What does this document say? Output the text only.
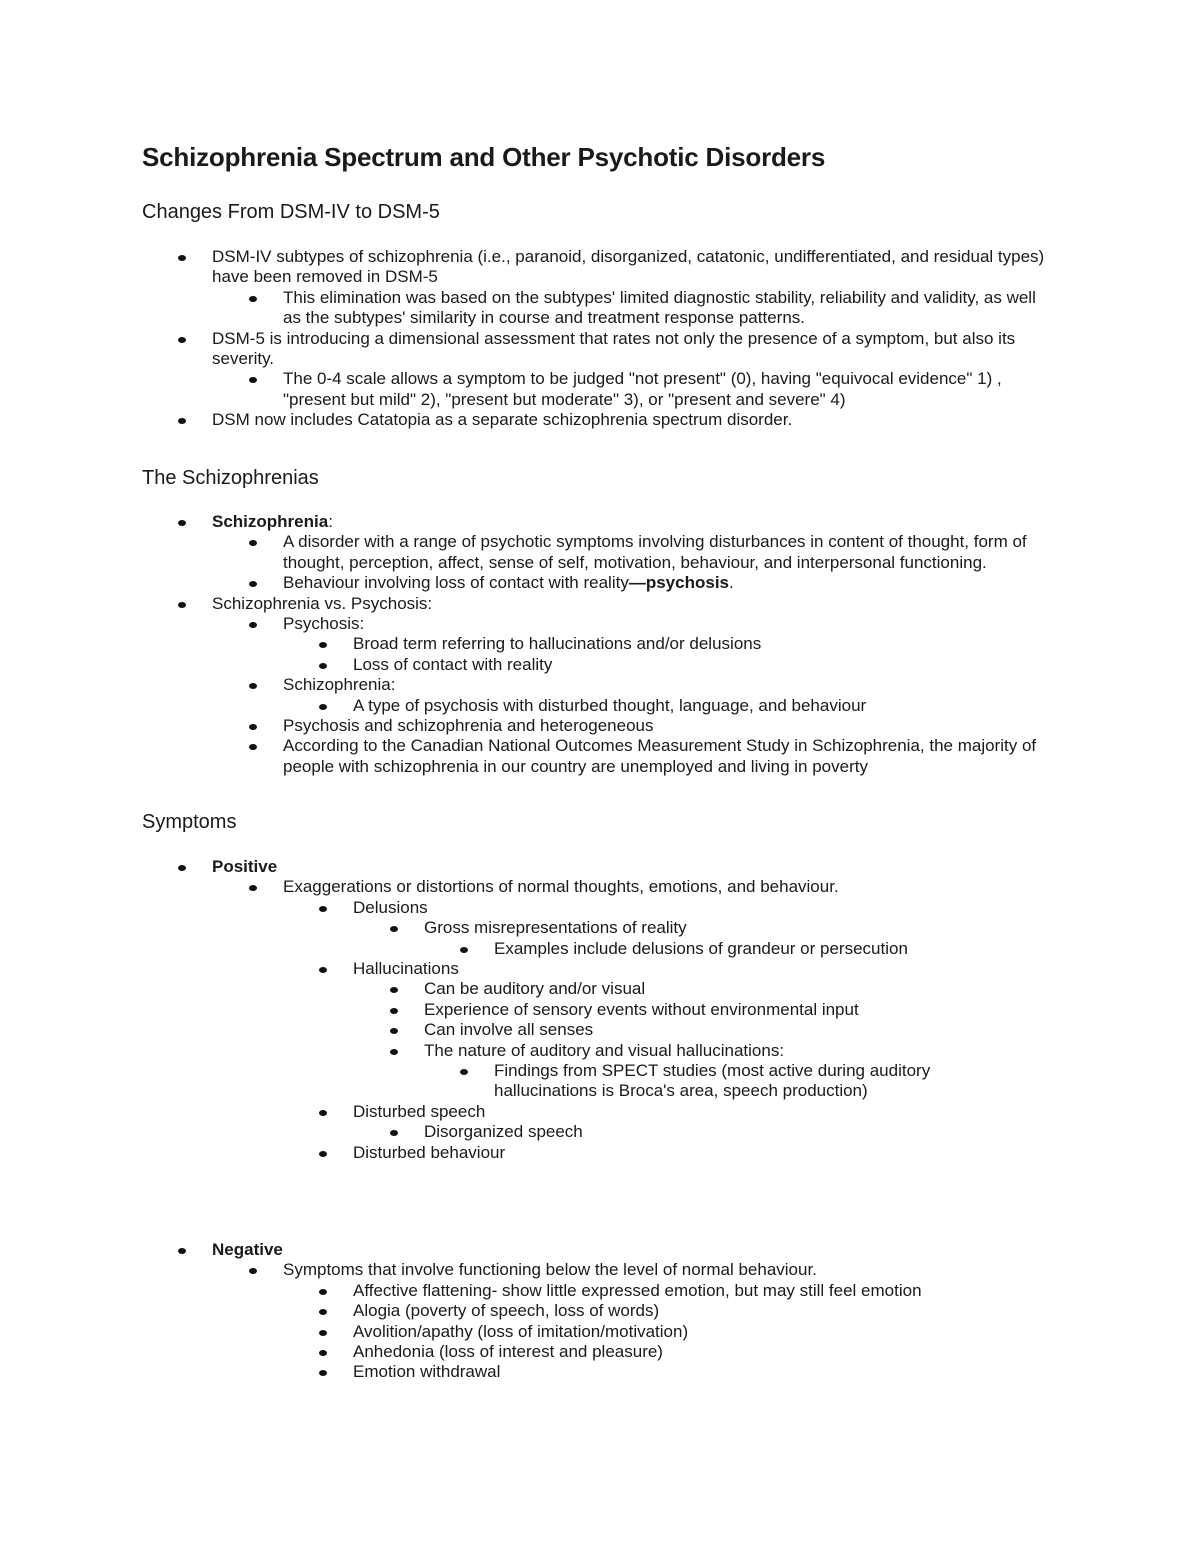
Schizophrenia Spectrum and Other Psychotic Disorders
Changes From DSM-IV to DSM-5
DSM-IV subtypes of schizophrenia (i.e., paranoid, disorganized, catatonic, undifferentiated, and residual types) have been removed in DSM-5
This elimination was based on the subtypes' limited diagnostic stability, reliability and validity, as well as the subtypes' similarity in course and treatment response patterns.
DSM-5 is introducing a dimensional assessment that rates not only the presence of a symptom, but also its severity.
The 0-4 scale allows a symptom to be judged "not present" (0), having "equivocal evidence" 1) , "present but mild" 2), "present but moderate" 3), or "present and severe" 4)
DSM now includes Catatopia as a separate schizophrenia spectrum disorder.
The Schizophrenias
Schizophrenia:
A disorder with a range of psychotic symptoms involving disturbances in content of thought, form of thought, perception, affect, sense of self, motivation, behaviour, and interpersonal functioning.
Behaviour involving loss of contact with reality—psychosis.
Schizophrenia vs. Psychosis:
Psychosis:
Broad term referring to hallucinations and/or delusions
Loss of contact with reality
Schizophrenia:
A type of psychosis with disturbed thought, language, and behaviour
Psychosis and schizophrenia and heterogeneous
According to the Canadian National Outcomes Measurement Study in Schizophrenia, the majority of people with schizophrenia in our country are unemployed and living in poverty
Symptoms
Positive
Exaggerations or distortions of normal thoughts, emotions, and behaviour.
Delusions
Gross misrepresentations of reality
Examples include delusions of grandeur or persecution
Hallucinations
Can be auditory and/or visual
Experience of sensory events without environmental input
Can involve all senses
The nature of auditory and visual hallucinations:
Findings from SPECT studies (most active during auditory hallucinations is Broca's area, speech production)
Disturbed speech
Disorganized speech
Disturbed behaviour
Negative
Symptoms that involve functioning below the level of normal behaviour.
Affective flattening- show little expressed emotion, but may still feel emotion
Alogia (poverty of speech, loss of words)
Avolition/apathy (loss of imitation/motivation)
Anhedonia (loss of interest and pleasure)
Emotion withdrawal
